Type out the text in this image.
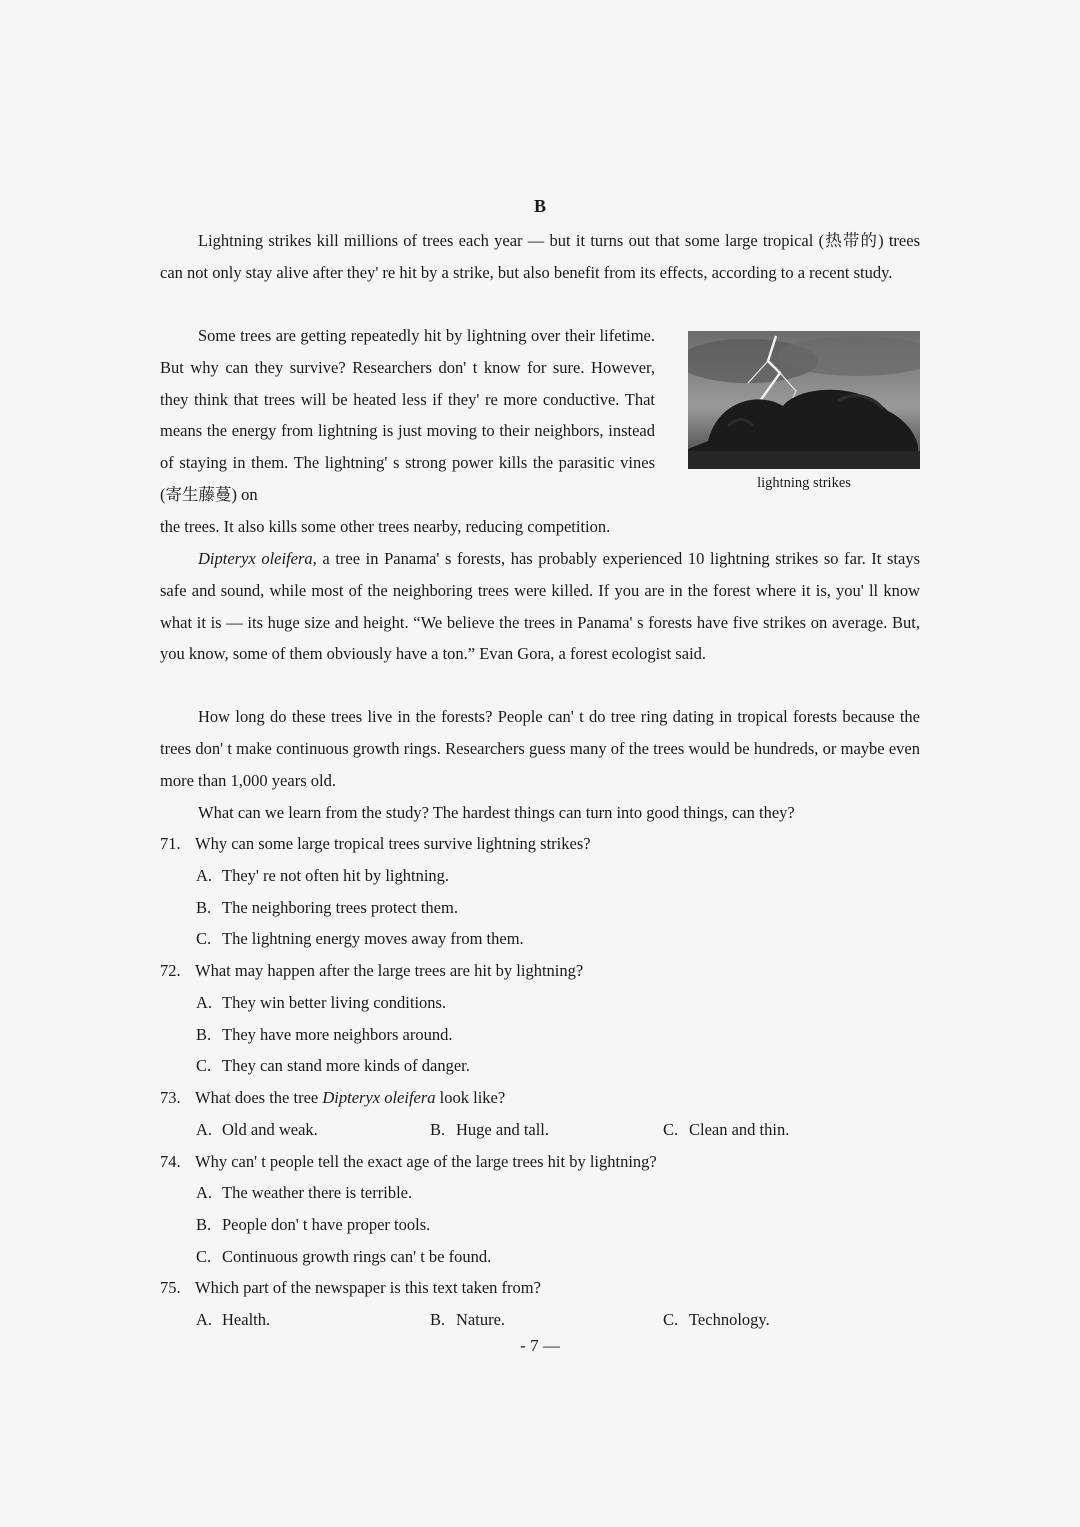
B

Lightning strikes kill millions of trees each year — but it turns out that some large tropical (热带的) trees can not only stay alive after they' re hit by a strike, but also benefit from its effects, according to a recent study.

Some trees are getting repeatedly hit by lightning over their lifetime. But why can they survive? Researchers don' t know for sure. However, they think that trees will be heated less if they' re more conductive. That means the energy from lightning is just moving to their neighbors, instead of staying in them. The lightning' s strong power kills the parasitic vines (寄生藤蔓) on

the trees. It also kills some other trees nearby, reducing competition.

lightning strikes

Dipteryx oleifera, a tree in Panama' s forests, has probably experienced 10 lightning strikes so far. It stays safe and sound, while most of the neighboring trees were killed. If you are in the forest where it is, you' ll know what it is — its huge size and height. “We believe the trees in Panama' s forests have five strikes on average. But, you know, some of them obviously have a ton.” Evan Gora, a forest ecologist said.

How long do these trees live in the forests? People can' t do tree ring dating in tropical forests because the trees don' t make continuous growth rings. Researchers guess many of the trees would be hundreds, or maybe even more than 1,000 years old.

What can we learn from the study? The hardest things can turn into good things, can they?

71. Why can some large tropical trees survive lightning strikes?
A. They' re not often hit by lightning.
B. The neighboring trees protect them.
C. The lightning energy moves away from them.
72. What may happen after the large trees are hit by lightning?
A. They win better living conditions.
B. They have more neighbors around.
C. They can stand more kinds of danger.
73. What does the tree Dipteryx oleifera look like?
A. Old and weak.	B. Huge and tall.	C. Clean and thin.
74. Why can' t people tell the exact age of the large trees hit by lightning?
A. The weather there is terrible.
B. People don' t have proper tools.
C. Continuous growth rings can' t be found.
75. Which part of the newspaper is this text taken from?
A. Health.	B. Nature.	C. Technology.
- 7 —
